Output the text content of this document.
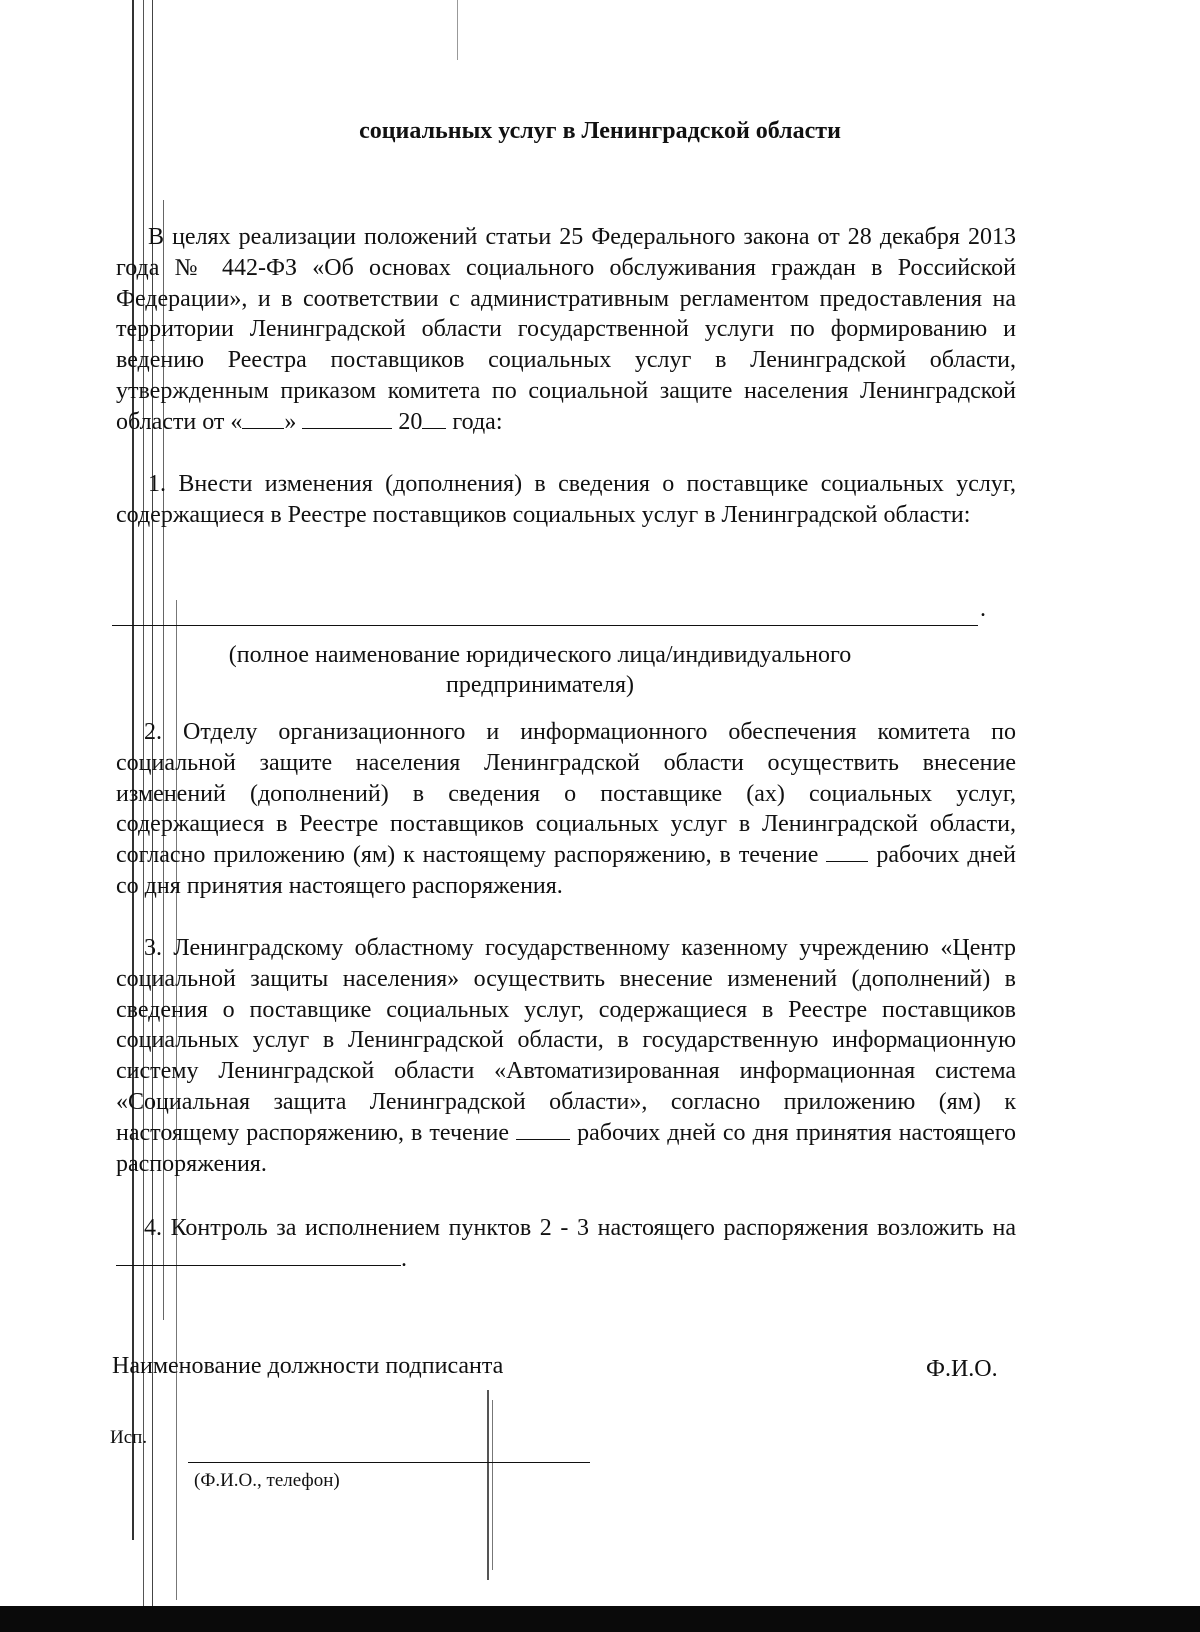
социальных услуг в Ленинградской области
В целях реализации положений статьи 25 Федерального закона от 28 декабря 2013 года № 442-ФЗ «Об основах социального обслуживания граждан в Российской Федерации», и в соответствии с административным регламентом предоставления на территории Ленинградской области государственной услуги по формированию и ведению Реестра поставщиков социальных услуг в Ленинградской области, утвержденным приказом комитета по социальной защите населения Ленинградской области от « »	20 года:
1. Внести изменения (дополнения) в сведения о поставщике социальных услуг, содержащиеся в Реестре поставщиков социальных услуг в Ленинградской области:
.
(полное наименование юридического лица/индивидуального предпринимателя)
2. Отделу организационного и информационного обеспечения комитета по социальной защите населения Ленинградской области осуществить внесение изменений (дополнений) в сведения о поставщике (ах) социальных услуг, содержащиеся в Реестре поставщиков социальных услуг в Ленинградской области, согласно приложению (ям) к настоящему распоряжению, в течение  рабочих дней со дня принятия настоящего распоряжения.
3. Ленинградскому областному государственному казенному учреждению «Центр социальной защиты населения» осуществить внесение изменений (дополнений) в сведения о поставщике социальных услуг, содержащиеся в Реестре поставщиков социальных услуг в Ленинградской области, в государственную информационную систему Ленинградской области «Автоматизированная информационная система «Социальная защита Ленинградской области», согласно приложению (ям) к настоящему распоряжению, в течение  рабочих дней со дня принятия настоящего распоряжения.
4. Контроль за исполнением пунктов 2 - 3 настоящего распоряжения возложить на .
Наименование должности подписанта	Ф.И.О.
Исп.
(Ф.И.О., телефон)
